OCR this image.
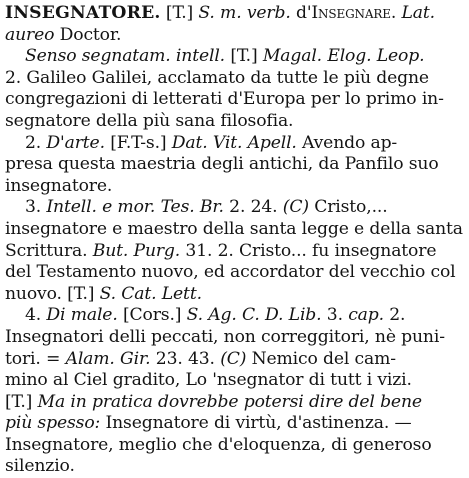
INSEGNATORE. [T.] S. m. verb. d'Insegnare. Lat.
aureo Doctor.
Senso segnatam. intell. [T.] Magal. Elog. Leop.
2. Galileo Galilei, acclamato da tutte le più degne
congregazioni di letterati d'Europa per lo primo in-
segnatore della più sana filosofia.
2. D'arte. [F.T-s.] Dat. Vit. Apell. Avendo ap-
presa questa maestria degli antichi, da Panfilo suo
insegnatore.
3. Intell. e mor. Tes. Br. 2. 24. (C) Cristo,...
insegnatore e maestro della santa legge e della santa
Scrittura. But. Purg. 31. 2. Cristo... fu insegnatore
del Testamento nuovo, ed accordator del vecchio col
nuovo. [T.] S. Cat. Lett.
4. Di male. [Cors.] S. Ag. C. D. Lib. 3. cap. 2.
Insegnatori delli peccati, non correggitori, nè puni-
tori. = Alam. Gir. 23. 43. (C) Nemico del cam-
mino al Ciel gradito, Lo 'nsegnator di tutt i vizi.
[T.] Ma in pratica dovrebbe potersi dire del bene
più spesso: Insegnatore di virtù, d'astinenza. —
Insegnatore, meglio che d'eloquenza, di generoso
silenzio.
